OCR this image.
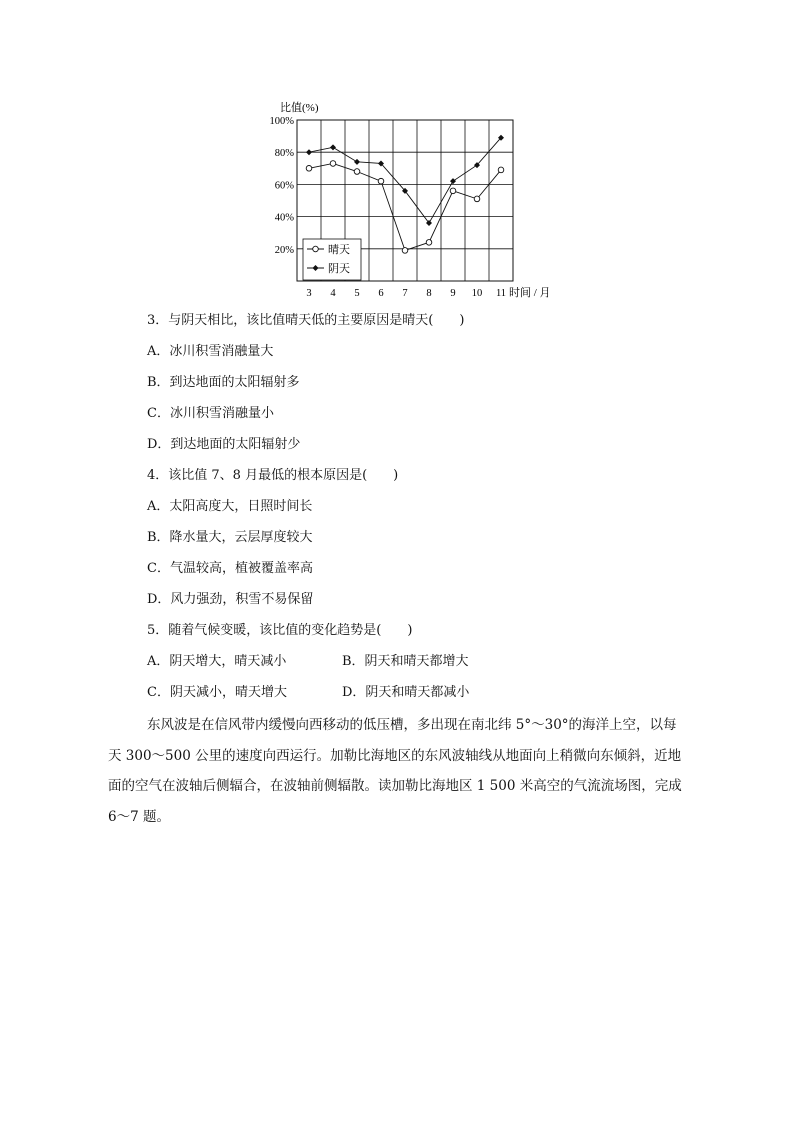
比值(%)
20%
40%
60%
80%
100%
3 4 5 6 7 8 9 10 11 时间 / 月
晴天
阴天
3．与阴天相比，该比值晴天低的主要原因是晴天(　　)
A．冰川积雪消融量大
B．到达地面的太阳辐射多
C．冰川积雪消融量小
D．到达地面的太阳辐射少
4．该比值 7、8 月最低的根本原因是(　　)
A．太阳高度大，日照时间长
B．降水量大，云层厚度较大
C．气温较高，植被覆盖率高
D．风力强劲，积雪不易保留
5．随着气候变暖，该比值的变化趋势是(　　)
A．阴天增大，晴天减小	B．阴天和晴天都增大
C．阴天减小，晴天增大	D．阴天和晴天都减小
东风波是在信风带内缓慢向西移动的低压槽，多出现在南北纬 5°～30°的海洋上空，以每天 300～500 公里的速度向西运行。加勒比海地区的东风波轴线从地面向上稍微向东倾斜，近地面的空气在波轴后侧辐合，在波轴前侧辐散。读加勒比海地区 1 500 米高空的气流流场图，完成 6～7 题。
